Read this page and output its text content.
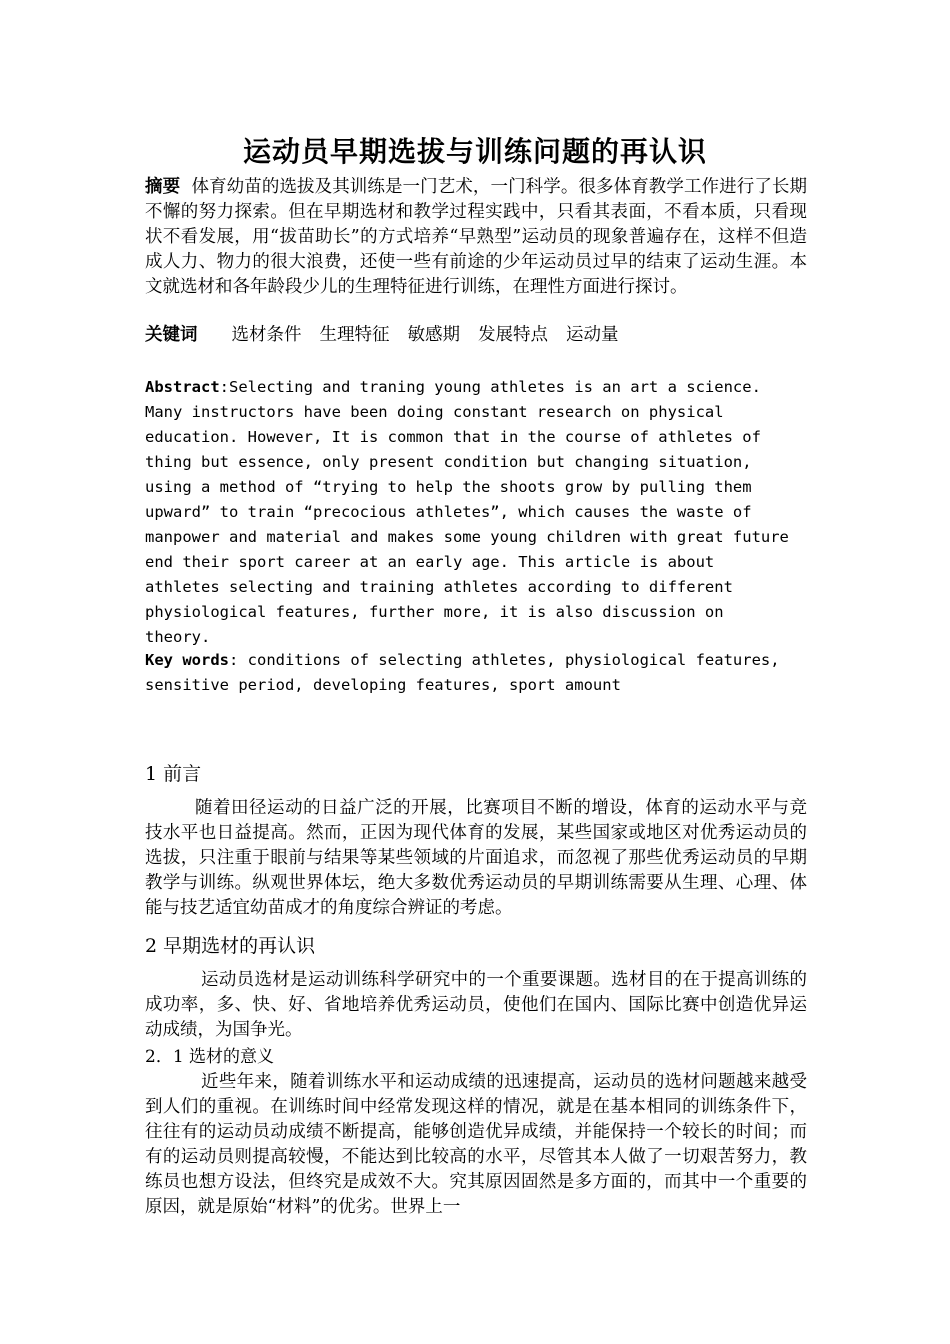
运动员早期选拔与训练问题的再认识
摘要 体育幼苗的选拔及其训练是一门艺术，一门科学。很多体育教学工作进行了长期不懈的努力探索。但在早期选材和教学过程实践中，只看其表面，不看本质，只看现状不看发展，用“拔苗助长”的方式培养“早熟型”运动员的现象普遍存在，这样不但造成人力、物力的很大浪费，还使一些有前途的少年运动员过早的结束了运动生涯。本文就选材和各年龄段少儿的生理特征进行训练，在理性方面进行探讨。
关键词 选材条件 生理特征 敏感期 发展特点 运动量
Abstract:Selecting and traning young athletes is an art a science.
Many instructors have been doing constant research on physical
education. However, It is common that in the course of athletes of
thing but essence, only present condition but changing situation,
using a method of “trying to help the shoots grow by pulling them
upward” to train “precocious athletes”, which causes the waste of
manpower and material and makes some young children with great future
end their sport career at an early age. This article is about
athletes selecting and training athletes according to different
physiological features, further more, it is also discussion on
theory.
Key words: conditions of selecting athletes, physiological features,
sensitive period, developing features, sport amount
1 前言
随着田径运动的日益广泛的开展，比赛项目不断的增设，体育的运动水平与竞技水平也日益提高。然而，正因为现代体育的发展，某些国家或地区对优秀运动员的选拔，只注重于眼前与结果等某些领域的片面追求，而忽视了那些优秀运动员的早期教学与训练。纵观世界体坛，绝大多数优秀运动员的早期训练需要从生理、心理、体能与技艺适宜幼苗成才的角度综合辨证的考虑。
2 早期选材的再认识
运动员选材是运动训练科学研究中的一个重要课题。选材目的在于提高训练的成功率，多、快、好、省地培养优秀运动员，使他们在国内、国际比赛中创造优异运动成绩，为国争光。
2．1 选材的意义
近些年来，随着训练水平和运动成绩的迅速提高，运动员的选材问题越来越受到人们的重视。在训练时间中经常发现这样的情况，就是在基本相同的训练条件下，往往有的运动员动成绩不断提高，能够创造优异成绩，并能保持一个较长的时间；而有的运动员则提高较慢，不能达到比较高的水平，尽管其本人做了一切艰苦努力，教练员也想方设法，但终究是成效不大。究其原因固然是多方面的，而其中一个重要的原因，就是原始“材料”的优劣。世界上一
